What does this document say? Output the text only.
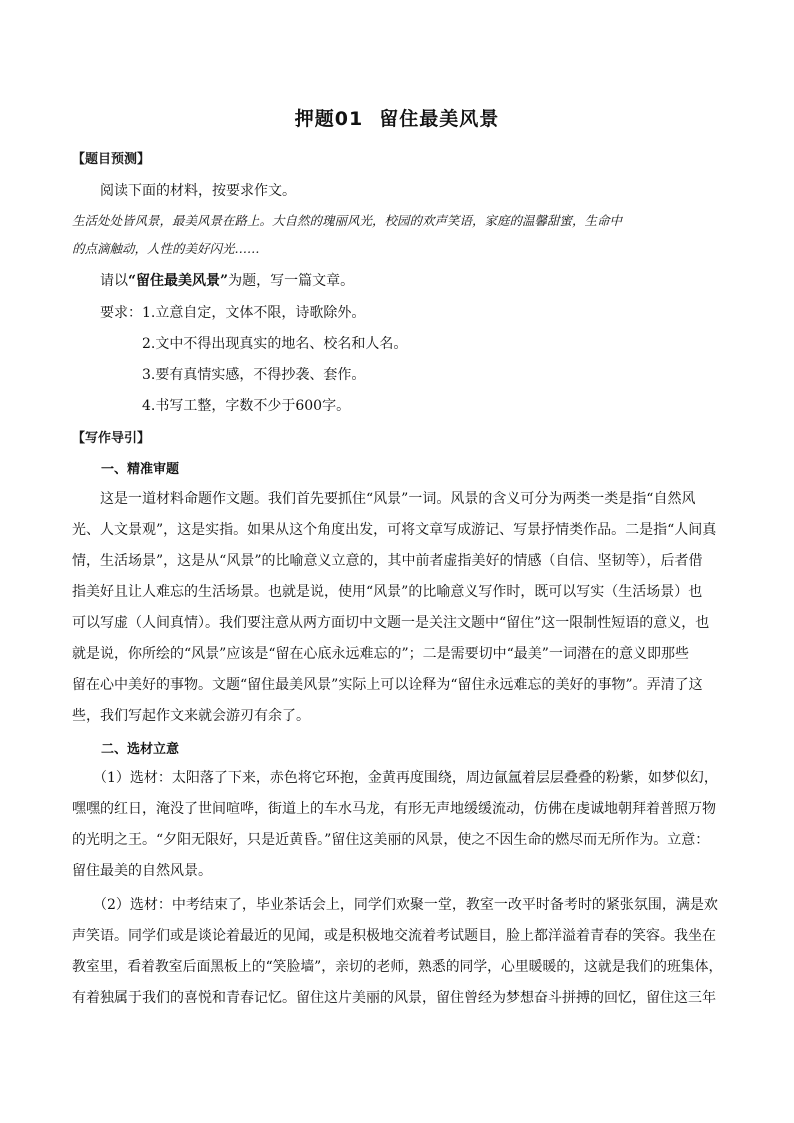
押题01 留住最美风景
【题目预测】
阅读下面的材料，按要求作文。
生活处处皆风景，最美风景在路上。大自然的瑰丽风光，校园的欢声笑语，家庭的温馨甜蜜，生命中
的点滴触动，人性的美好闪光……
请以“留住最美风景”为题，写一篇文章。
要求：1.立意自定，文体不限，诗歌除外。
2.文中不得出现真实的地名、校名和人名。
3.要有真情实感，不得抄袭、套作。
4.书写工整，字数不少于600字。
【写作导引】
一、精准审题
这是一道材料命题作文题。我们首先要抓住“风景”一词。风景的含义可分为两类一类是指“自然风
光、人文景观”，这是实指。如果从这个角度出发，可将文章写成游记、写景抒情类作品。二是指“人间真
情，生活场景”，这是从“风景”的比喻意义立意的，其中前者虚指美好的情感（自信、坚韧等），后者借
指美好且让人难忘的生活场景。也就是说，使用“风景”的比喻意义写作时，既可以写实（生活场景）也
可以写虚（人间真情）。我们要注意从两方面切中文题一是关注文题中“留住”这一限制性短语的意义，也
就是说，你所绘的“风景”应该是“留在心底永远难忘的”；二是需要切中“最美”一词潜在的意义即那些
留在心中美好的事物。文题“留住最美风景”实际上可以诠释为“留住永远难忘的美好的事物”。弄清了这
些，我们写起作文来就会游刃有余了。
二、选材立意
（1）选材：太阳落了下来，赤色将它环抱，金黄再度围绕，周边氤氲着层层叠叠的粉紫，如梦似幻，
嘿嘿的红日，淹没了世间喧哗，街道上的车水马龙，有形无声地缓缓流动，仿佛在虔诚地朝拜着普照万物
的光明之王。“夕阳无限好，只是近黄昏。”留住这美丽的风景，使之不因生命的燃尽而无所作为。立意：
留住最美的自然风景。
（2）选材：中考结束了，毕业茶话会上，同学们欢聚一堂，教室一改平时备考时的紧张氛围，满是欢
声笑语。同学们或是谈论着最近的见闻，或是积极地交流着考试题目，脸上都洋溢着青春的笑容。我坐在
教室里，看着教室后面黑板上的“笑脸墙”，亲切的老师，熟悉的同学，心里暖暖的，这就是我们的班集体，
有着独属于我们的喜悦和青春记忆。留住这片美丽的风景，留住曾经为梦想奋斗拼搏的回忆，留住这三年
